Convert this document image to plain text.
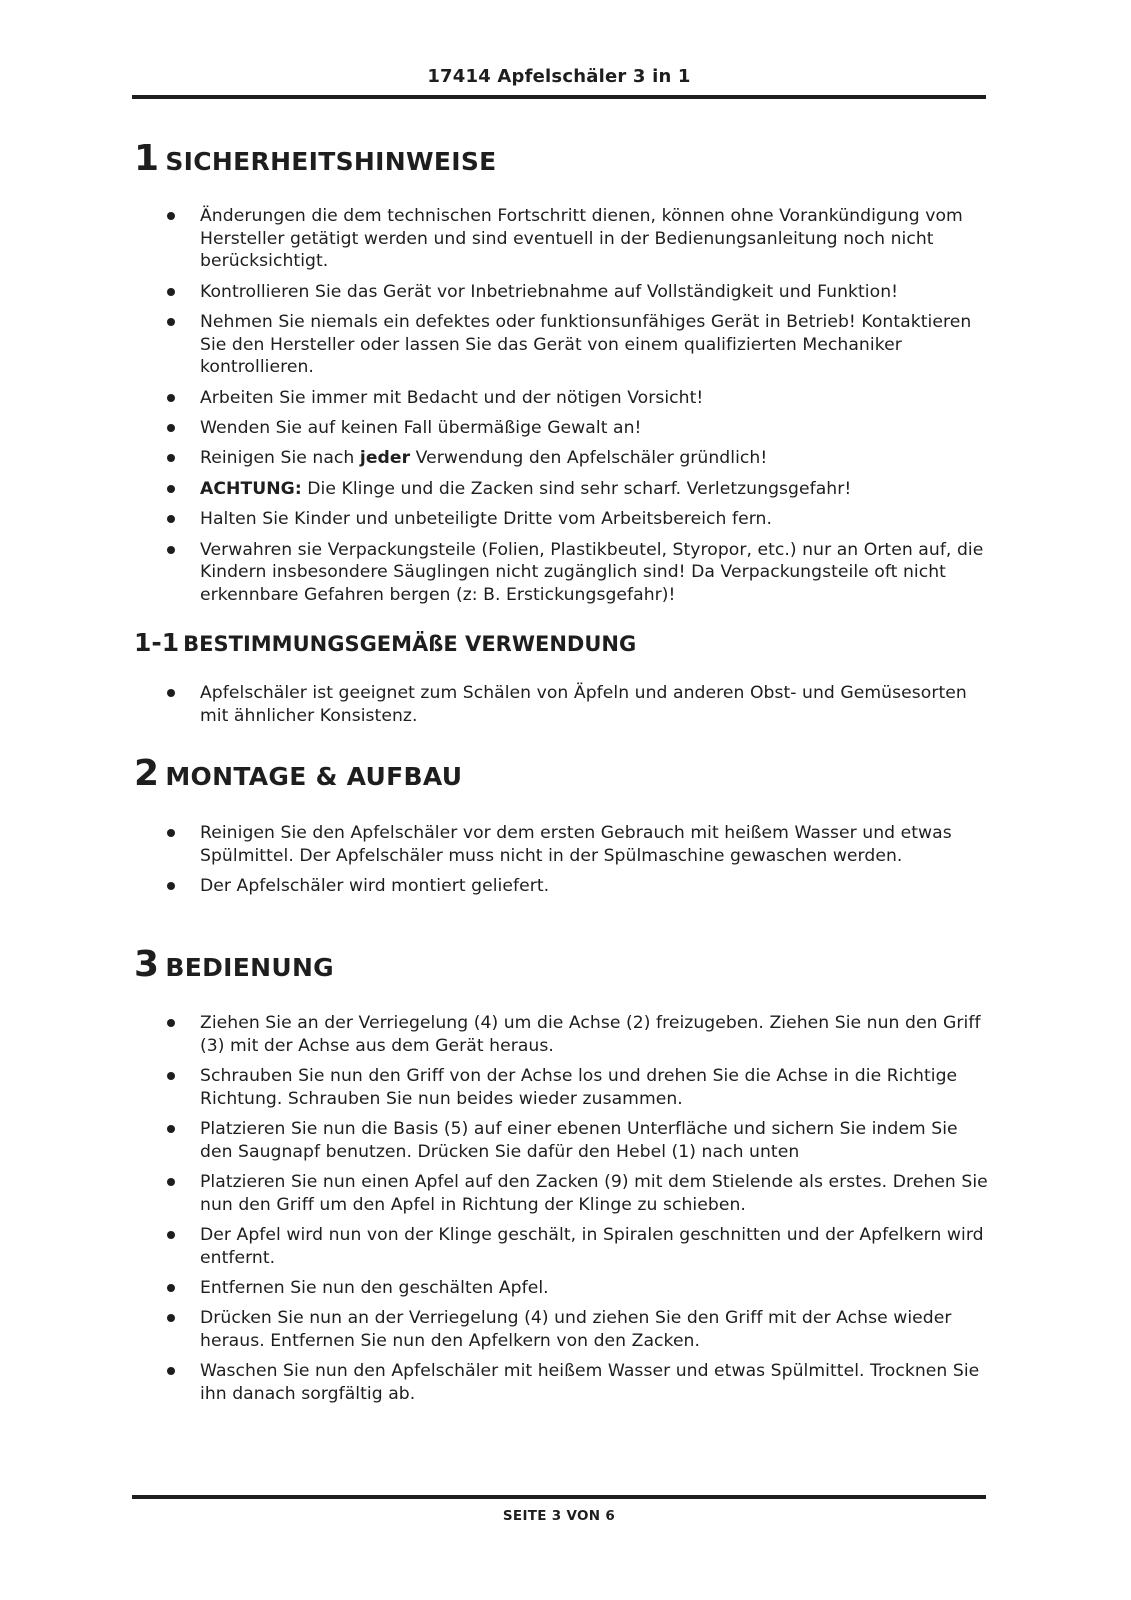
17414 Apfelschäler 3 in 1
1 SICHERHEITSHINWEISE
Änderungen die dem technischen Fortschritt dienen, können ohne Vorankündigung vom Hersteller getätigt werden und sind eventuell in der Bedienungsanleitung noch nicht berücksichtigt.
Kontrollieren Sie das Gerät vor Inbetriebnahme auf Vollständigkeit und Funktion!
Nehmen Sie niemals ein defektes oder funktionsunfähiges Gerät in Betrieb! Kontaktieren Sie den Hersteller oder lassen Sie das Gerät von einem qualifizierten Mechaniker kontrollieren.
Arbeiten Sie immer mit Bedacht und der nötigen Vorsicht!
Wenden Sie auf keinen Fall übermäßige Gewalt an!
Reinigen Sie nach jeder Verwendung den Apfelschäler gründlich!
ACHTUNG: Die Klinge und die Zacken sind sehr scharf. Verletzungsgefahr!
Halten Sie Kinder und unbeteiligte Dritte vom Arbeitsbereich fern.
Verwahren sie Verpackungsteile (Folien, Plastikbeutel, Styropor, etc.) nur an Orten auf, die Kindern insbesondere Säuglingen nicht zugänglich sind! Da Verpackungsteile oft nicht erkennbare Gefahren bergen (z: B. Erstickungsgefahr)!
1-1 BESTIMMUNGSGEMÄßE VERWENDUNG
Apfelschäler ist geeignet zum Schälen von Äpfeln und anderen Obst- und Gemüsesorten mit ähnlicher Konsistenz.
2 MONTAGE & AUFBAU
Reinigen Sie den Apfelschäler vor dem ersten Gebrauch mit heißem Wasser und etwas Spülmittel. Der Apfelschäler muss nicht in der Spülmaschine gewaschen werden.
Der Apfelschäler wird montiert geliefert.
3 BEDIENUNG
Ziehen Sie an der Verriegelung (4) um die Achse (2) freizugeben. Ziehen Sie nun den Griff (3) mit der Achse aus dem Gerät heraus.
Schrauben Sie nun den Griff von der Achse los und drehen Sie die Achse in die Richtige Richtung. Schrauben Sie nun beides wieder zusammen.
Platzieren Sie nun die Basis (5) auf einer ebenen Unterfläche und sichern Sie indem Sie den Saugnapf benutzen. Drücken Sie dafür den Hebel (1) nach unten
Platzieren Sie nun einen Apfel auf den Zacken (9) mit dem Stielende als erstes. Drehen Sie nun den Griff um den Apfel in Richtung der Klinge zu schieben.
Der Apfel wird nun von der Klinge geschält, in Spiralen geschnitten und der Apfelkern wird entfernt.
Entfernen Sie nun den geschälten Apfel.
Drücken Sie nun an der Verriegelung (4) und ziehen Sie den Griff mit der Achse wieder heraus. Entfernen Sie nun den Apfelkern von den Zacken.
Waschen Sie nun den Apfelschäler mit heißem Wasser und etwas Spülmittel. Trocknen Sie ihn danach sorgfältig ab.
SEITE 3 VON 6
